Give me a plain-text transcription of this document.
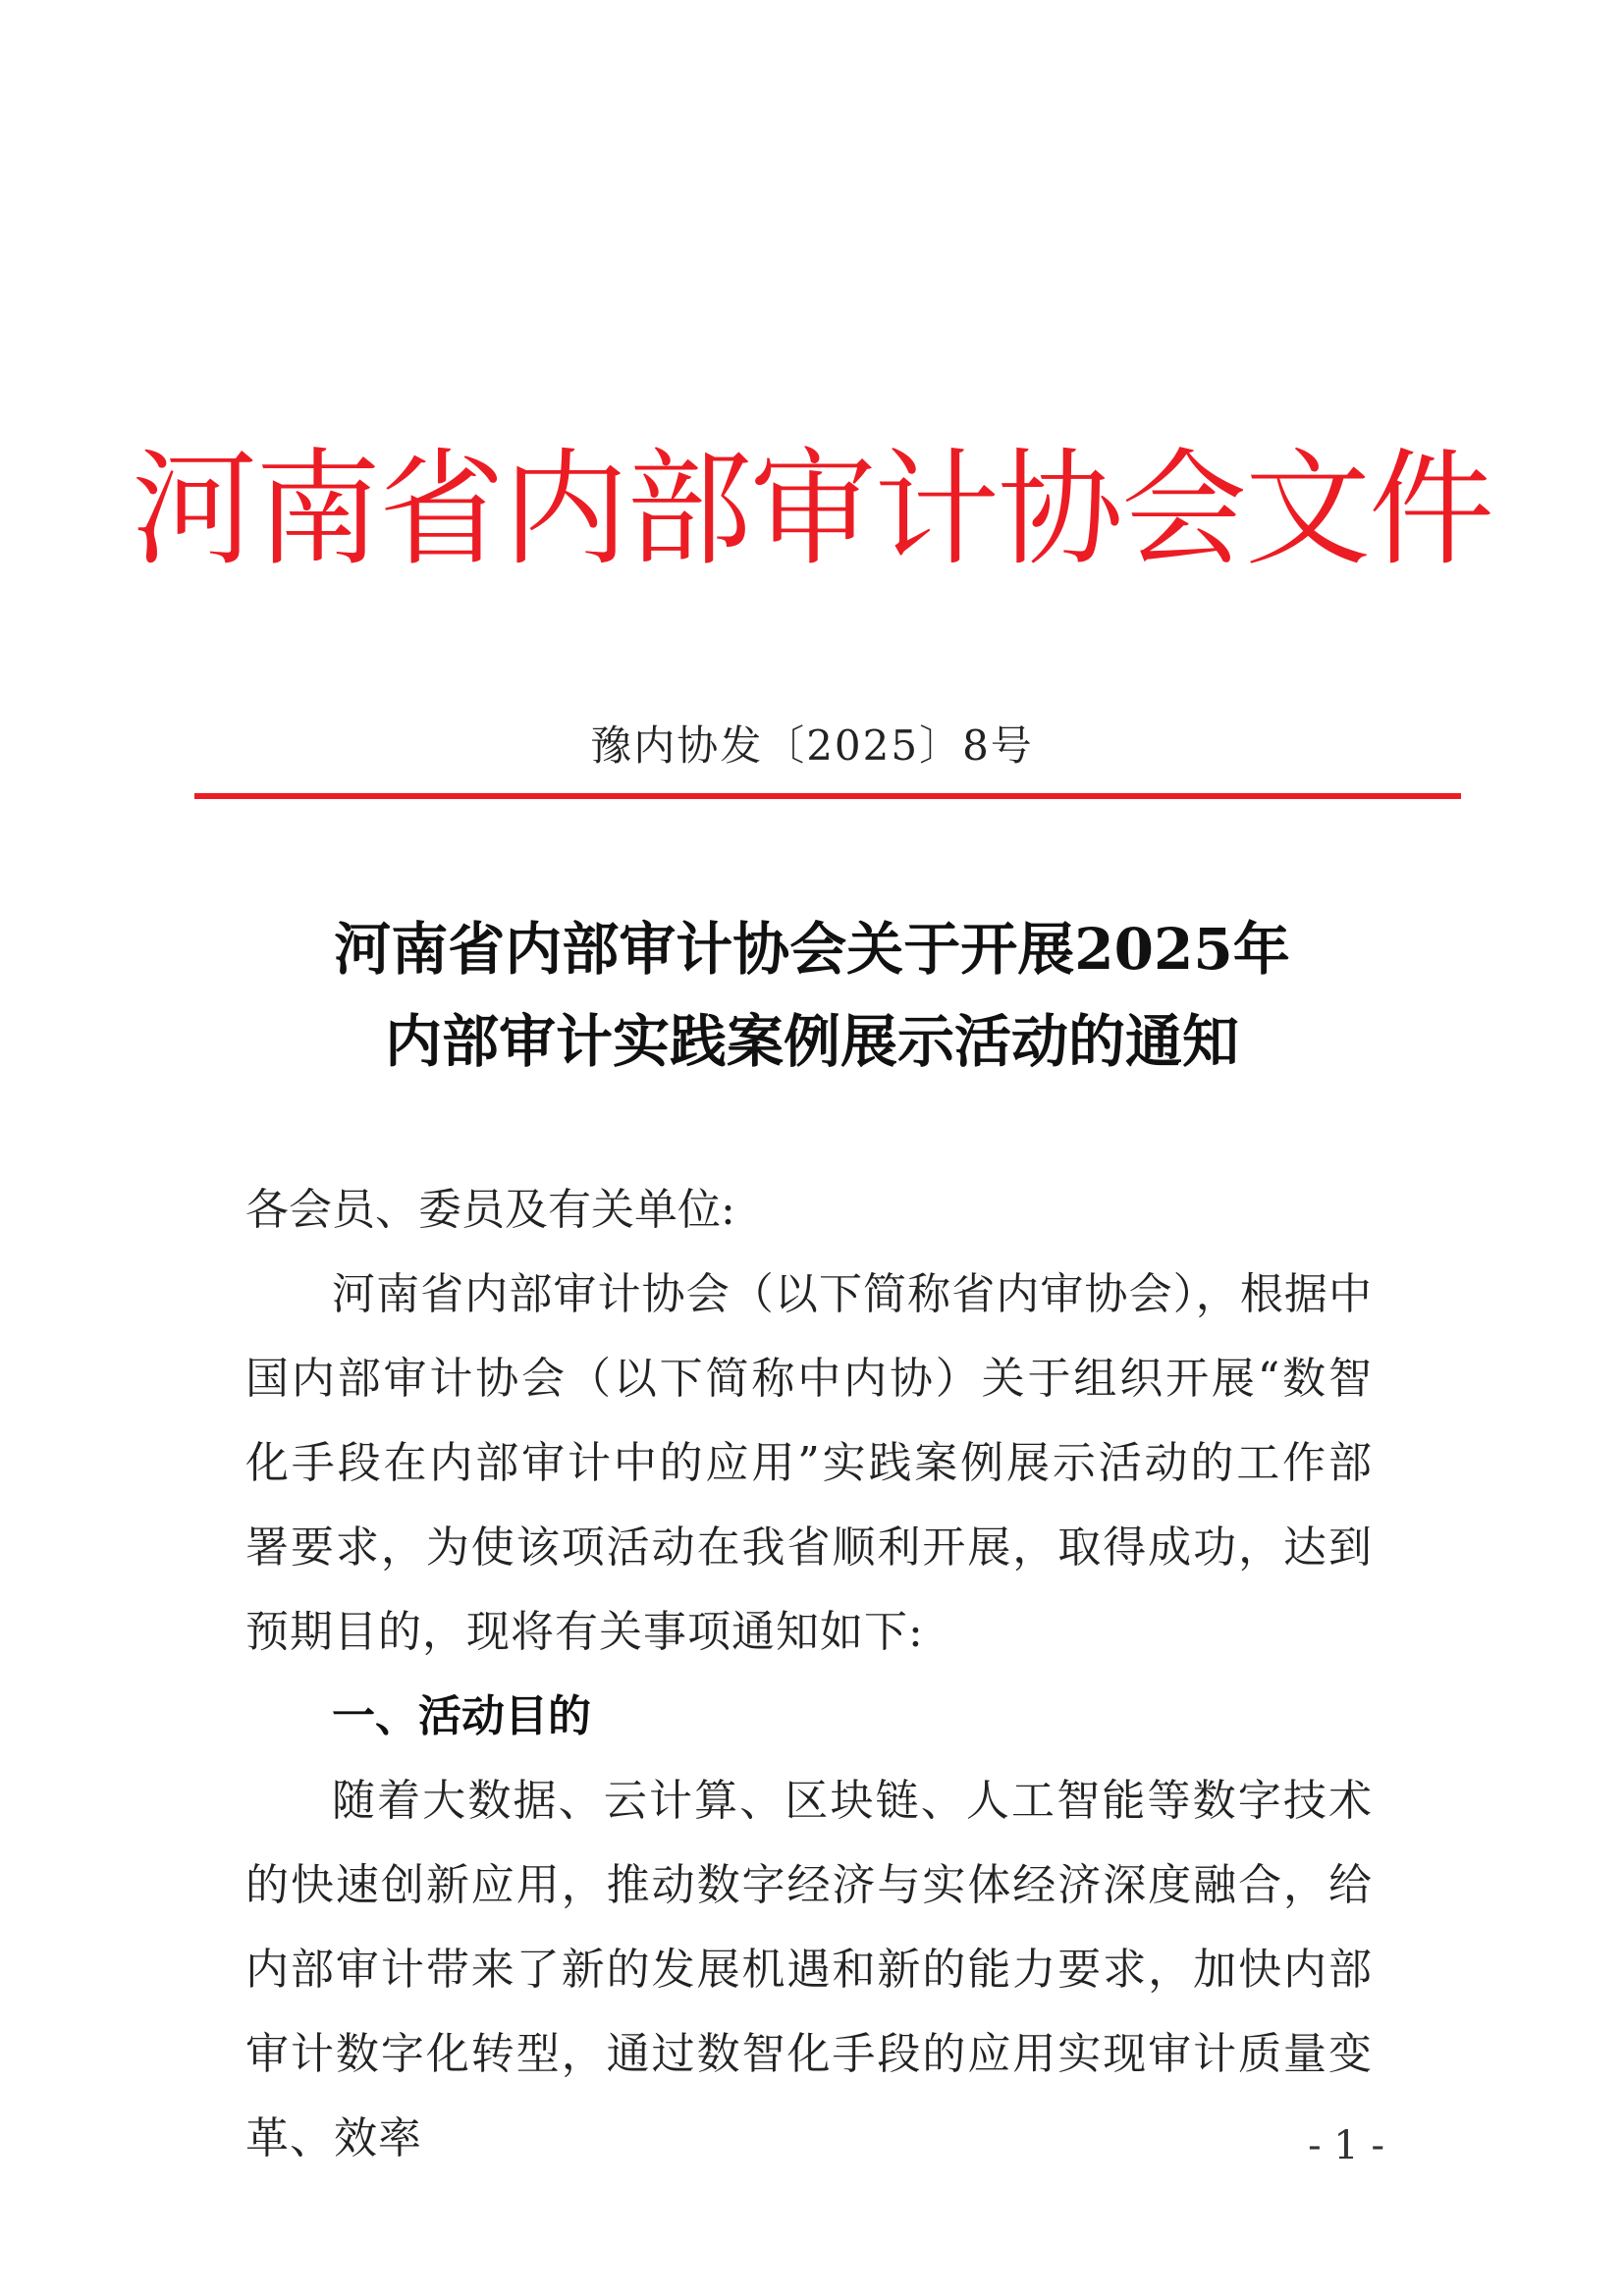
河南省内部审计协会文件
豫内协发〔2025〕8号
河南省内部审计协会关于开展2025年
内部审计实践案例展示活动的通知

各会员、委员及有关单位:

河南省内部审计协会（以下简称省内审协会），根据中国内部审计协会（以下简称中内协）关于组织开展“数智化手段在内部审计中的应用”实践案例展示活动的工作部署要求，为使该项活动在我省顺利开展，取得成功，达到预期目的，现将有关事项通知如下:

一、活动目的

随着大数据、云计算、区块链、人工智能等数字技术的快速创新应用，推动数字经济与实体经济深度融合，给内部审计带来了新的发展机遇和新的能力要求，加快内部审计数字化转型，通过数智化手段的应用实现审计质量变革、效率	- 1 -
